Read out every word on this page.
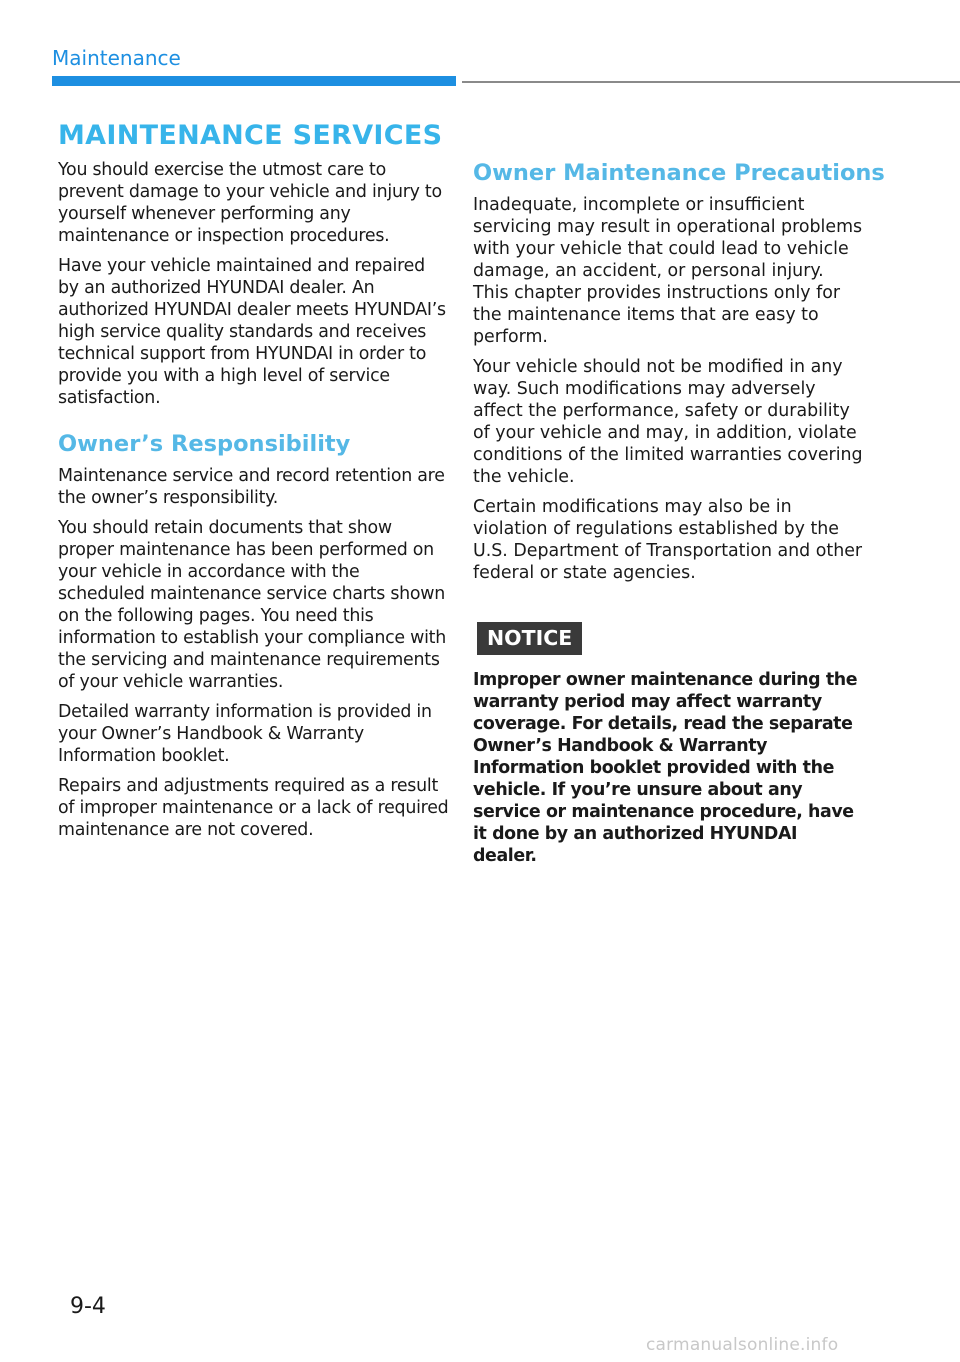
Maintenance
MAINTENANCE SERVICES

You should exercise the utmost care to prevent damage to your vehicle and injury to yourself whenever performing any maintenance or inspection procedures.

Have your vehicle maintained and repaired by an authorized HYUNDAI dealer. An authorized HYUNDAI dealer meets HYUNDAI’s high service quality standards and receives technical support from HYUNDAI in order to provide you with a high level of service satisfaction.

Owner’s Responsibility

Maintenance service and record retention are the owner’s responsibility.

You should retain documents that show proper maintenance has been performed on your vehicle in accordance with the scheduled maintenance service charts shown on the following pages. You need this information to establish your compliance with the servicing and maintenance requirements of your vehicle warranties.

Detailed warranty information is provided in your Owner’s Handbook & Warranty Information booklet.

Repairs and adjustments required as a result of improper maintenance or a lack of required maintenance are not covered.

Owner Maintenance Precautions

Inadequate, incomplete or insufficient servicing may result in operational problems with your vehicle that could lead to vehicle damage, an accident, or personal injury. This chapter provides instructions only for the maintenance items that are easy to perform.

Your vehicle should not be modified in any way. Such modifications may adversely affect the performance, safety or durability of your vehicle and may, in addition, violate conditions of the limited warranties covering the vehicle.

Certain modifications may also be in violation of regulations established by the U.S. Department of Transportation and other federal or state agencies.

NOTICE

Improper owner maintenance during the warranty period may affect warranty coverage. For details, read the separate Owner’s Handbook & Warranty Information booklet provided with the vehicle. If you’re unsure about any service or maintenance procedure, have it done by an authorized HYUNDAI dealer.

9-4
carmanualsonline.info
